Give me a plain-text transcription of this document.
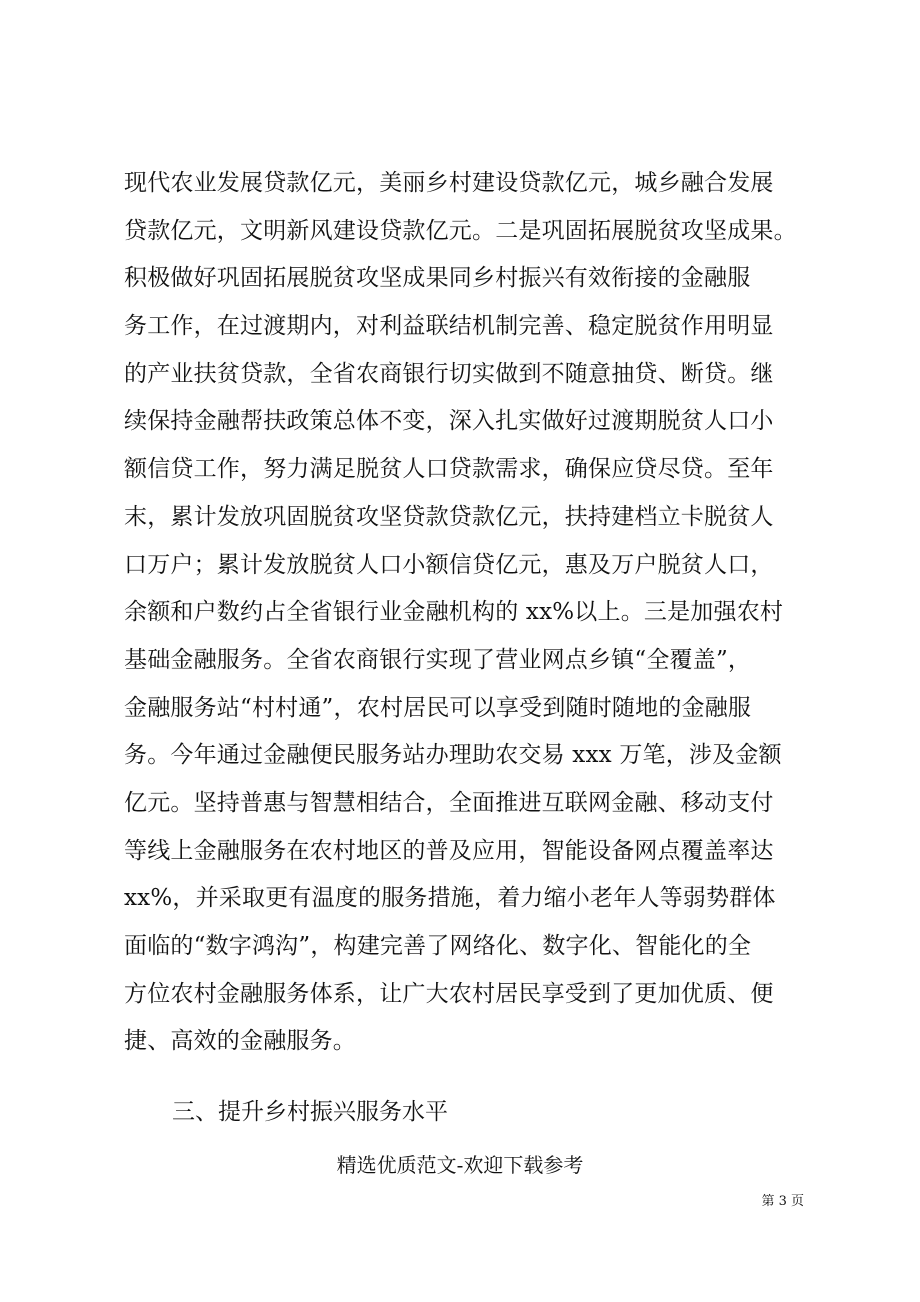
现代农业发展贷款亿元，美丽乡村建设贷款亿元，城乡融合发展
贷款亿元，文明新风建设贷款亿元。二是巩固拓展脱贫攻坚成果。
积极做好巩固拓展脱贫攻坚成果同乡村振兴有效衔接的金融服
务工作，在过渡期内，对利益联结机制完善、稳定脱贫作用明显
的产业扶贫贷款，全省农商银行切实做到不随意抽贷、断贷。继
续保持金融帮扶政策总体不变，深入扎实做好过渡期脱贫人口小
额信贷工作，努力满足脱贫人口贷款需求，确保应贷尽贷。至年
末，累计发放巩固脱贫攻坚贷款贷款亿元，扶持建档立卡脱贫人
口万户；累计发放脱贫人口小额信贷亿元，惠及万户脱贫人口，
余额和户数约占全省银行业金融机构的 xx%以上。三是加强农村
基础金融服务。全省农商银行实现了营业网点乡镇“全覆盖”，
金融服务站“村村通”，农村居民可以享受到随时随地的金融服
务。今年通过金融便民服务站办理助农交易 xxx 万笔，涉及金额
亿元。坚持普惠与智慧相结合，全面推进互联网金融、移动支付
等线上金融服务在农村地区的普及应用，智能设备网点覆盖率达
xx%，并采取更有温度的服务措施，着力缩小老年人等弱势群体
面临的“数字鸿沟”，构建完善了网络化、数字化、智能化的全
方位农村金融服务体系，让广大农村居民享受到了更加优质、便
捷、高效的金融服务。
三、提升乡村振兴服务水平
精选优质范文-欢迎下载参考
第 3 页
